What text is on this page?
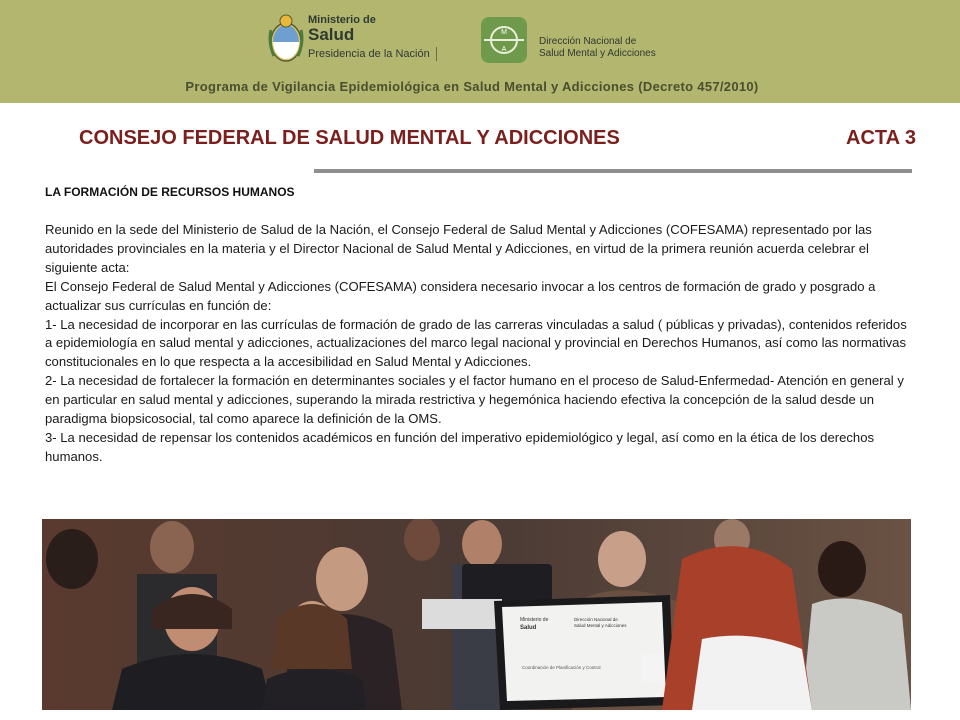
Ministerio de
Salud
Presidencia de la Nación
M
A
Dirección Nacional de
Salud Mental y Adicciones
Programa de Vigilancia Epidemiológica en Salud Mental y Adicciones (Decreto 457/2010)
CONSEJO FEDERAL DE SALUD MENTAL Y ADICCIONES	ACTA 3
LA FORMACIÓN DE RECURSOS HUMANOS

Reunido en la sede del Ministerio de Salud de la Nación, el Consejo Federal de Salud Mental y Adicciones (COFESAMA) representado por las autoridades provinciales en la materia y el Director Nacional de Salud Mental y Adicciones, en virtud de la primera reunión acuerda celebrar el siguiente acta:

El Consejo Federal de Salud Mental y Adicciones (COFESAMA) considera necesario invocar a los centros de formación de grado y posgrado a actualizar sus currículas en función de:

1- La necesidad de incorporar en las currículas de formación de grado de las carreras vinculadas a salud ( públicas y privadas), contenidos referidos a epidemiología en salud mental y adicciones, actualizaciones del marco legal nacional y provincial en Derechos Humanos, así como las normativas constitucionales en lo que respecta a la accesibilidad en Salud Mental y Adicciones.

2- La necesidad de fortalecer la formación en determinantes sociales y el factor humano en el proceso de Salud-Enfermedad- Atención en general y en particular en salud mental y adicciones, superando la mirada restrictiva y hegemónica haciendo efectiva la concepción de la salud desde un paradigma biopsicosocial, tal como aparece la definición de la OMS.

3- La necesidad de repensar los contenidos académicos en función del imperativo epidemiológico y legal, así como en la ética de los derechos humanos.

Ministerio de
Salud
Dirección Nacional de
Salud Mental y Adicciones
Coordinación de Planificación y Control
